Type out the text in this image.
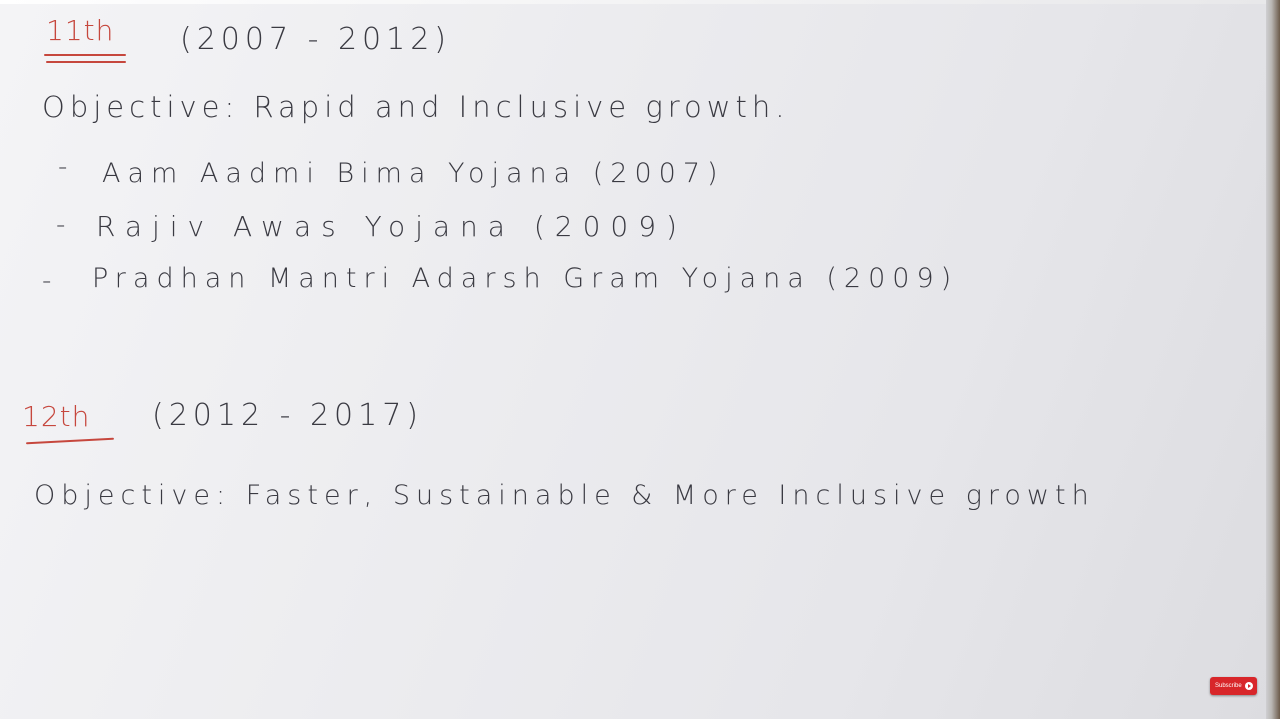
11th (2007 - 2012)
Objective: Rapid and Inclusive growth.
- Aam Aadmi Bima Yojana (2007)
- Rajiv Awas Yojana (2009)
- Pradhan Mantri Adarsh Gram Yojana (2009)
12th (2012 - 2017)
Objective: Faster, Sustainable & More Inclusive growth
Subscribe
